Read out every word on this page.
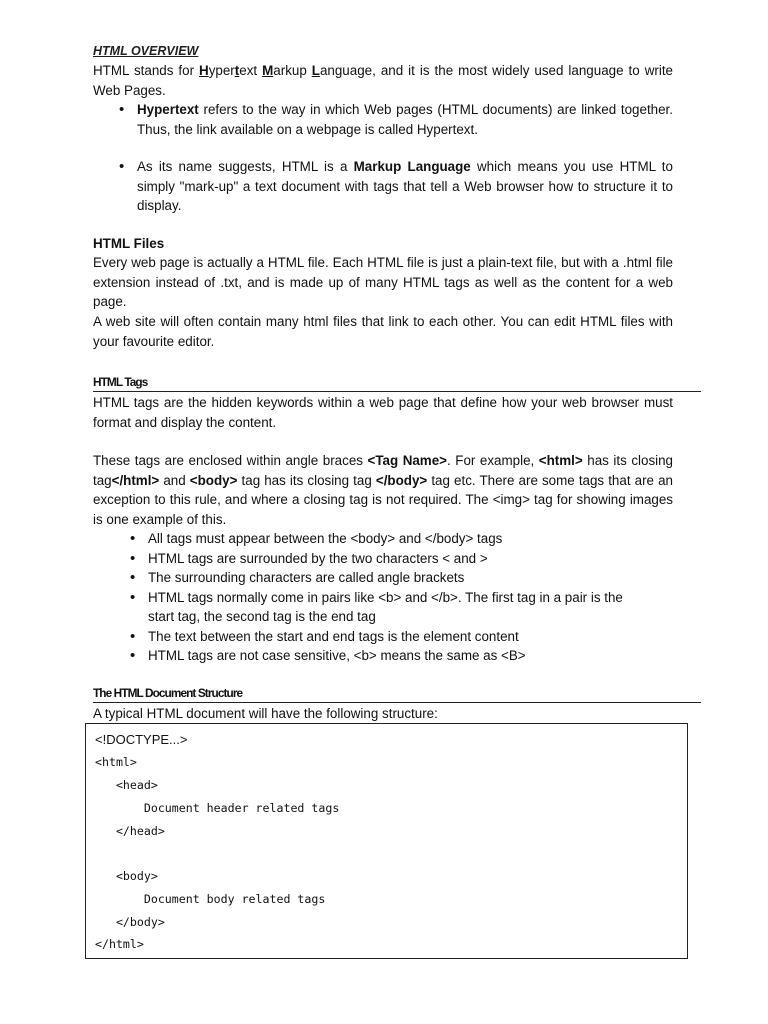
HTML OVERVIEW
HTML stands for Hypertext Markup Language, and it is the most widely used language to write Web Pages.
• Hypertext refers to the way in which Web pages (HTML documents) are linked together. Thus, the link available on a webpage is called Hypertext.
• As its name suggests, HTML is a Markup Language which means you use HTML to simply "mark-up" a text document with tags that tell a Web browser how to structure it to display.
HTML Files
Every web page is actually a HTML file. Each HTML file is just a plain-text file, but with a .html file extension instead of .txt, and is made up of many HTML tags as well as the content for a web page.
A web site will often contain many html files that link to each other. You can edit HTML files with your favourite editor.
HTML Tags
HTML tags are the hidden keywords within a web page that define how your web browser must format and display the content.
These tags are enclosed within angle braces <Tag Name>. For example, <html> has its closing tag</html> and <body> tag has its closing tag </body> tag etc. There are some tags that are an exception to this rule, and where a closing tag is not required. The <img> tag for showing images is one example of this.
• All tags must appear between the <body> and </body> tags
• HTML tags are surrounded by the two characters < and >
• The surrounding characters are called angle brackets
• HTML tags normally come in pairs like <b> and </b>. The first tag in a pair is the start tag, the second tag is the end tag
• The text between the start and end tags is the element content
• HTML tags are not case sensitive, <b> means the same as <B>
The HTML Document Structure
A typical HTML document will have the following structure:
<!DOCTYPE...>
<html>
<head>
Document header related tags
</head>
<body>
Document body related tags
</body>
</html>
